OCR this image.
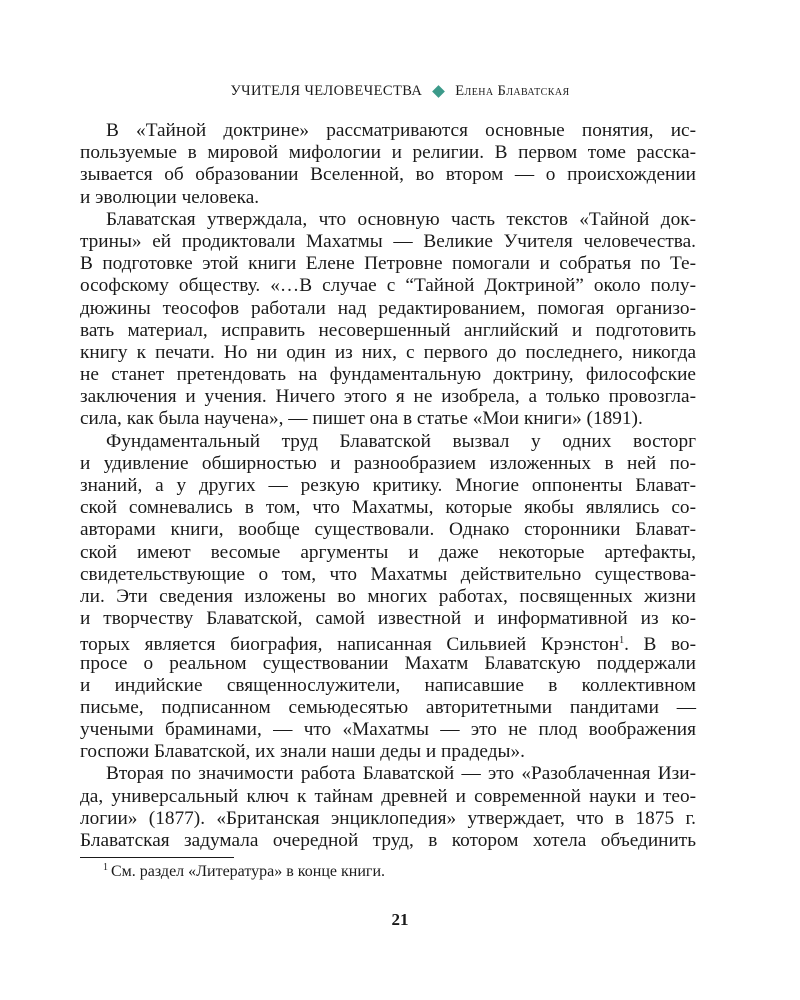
УЧИТЕЛЯ ЧЕЛОВЕЧЕСТВА Елена Блаватская
В «Тайной доктрине» рассматриваются основные понятия, ис-
пользуемые в мировой мифологии и религии. В первом томе расска-
зывается об образовании Вселенной, во втором — о происхождении
и эволюции человека.
Блаватская утверждала, что основную часть текстов «Тайной док-
трины» ей продиктовали Махатмы — Великие Учителя человечества.
В подготовке этой книги Елене Петровне помогали и собратья по Те-
ософскому обществу. «…В случае с “Тайной Доктриной” около полу-
дюжины теософов работали над редактированием, помогая организо-
вать материал, исправить несовершенный английский и подготовить
книгу к печати. Но ни один из них, с первого до последнего, никогда
не станет претендовать на фундаментальную доктрину, философские
заключения и учения. Ничего этого я не изобрела, а только провозгла-
сила, как была научена», — пишет она в статье «Мои книги» (1891).
Фундаментальный труд Блаватской вызвал у одних восторг
и удивление обширностью и разнообразием изложенных в ней по-
знаний, а у других — резкую критику. Многие оппоненты Блават-
ской сомневались в том, что Махатмы, которые якобы являлись со-
авторами книги, вообще существовали. Однако сторонники Блават-
ской имеют весомые аргументы и даже некоторые артефакты,
свидетельствующие о том, что Махатмы действительно существова-
ли. Эти сведения изложены во многих работах, посвященных жизни
и творчеству Блаватской, самой известной и информативной из ко-
торых является биография, написанная Сильвией Крэнстон$^1$. В во-
просе о реальном существовании Махатм Блаватскую поддержали
и индийские священнослужители, написавшие в коллективном
письме, подписанном семьюдесятью авторитетными пандитами —
учеными браминами, — что «Махатмы — это не плод воображения
госпожи Блаватской, их знали наши деды и прадеды».
Вторая по значимости работа Блаватской — это «Разоблаченная Изи-
да, универсальный ключ к тайнам древней и современной науки и тео-
логии» (1877). «Британская энциклопедия» утверждает, что в 1875 г.
Блаватская задумала очередной труд, в котором хотела объединить
$^1$ См. раздел «Литература» в конце книги.
21
